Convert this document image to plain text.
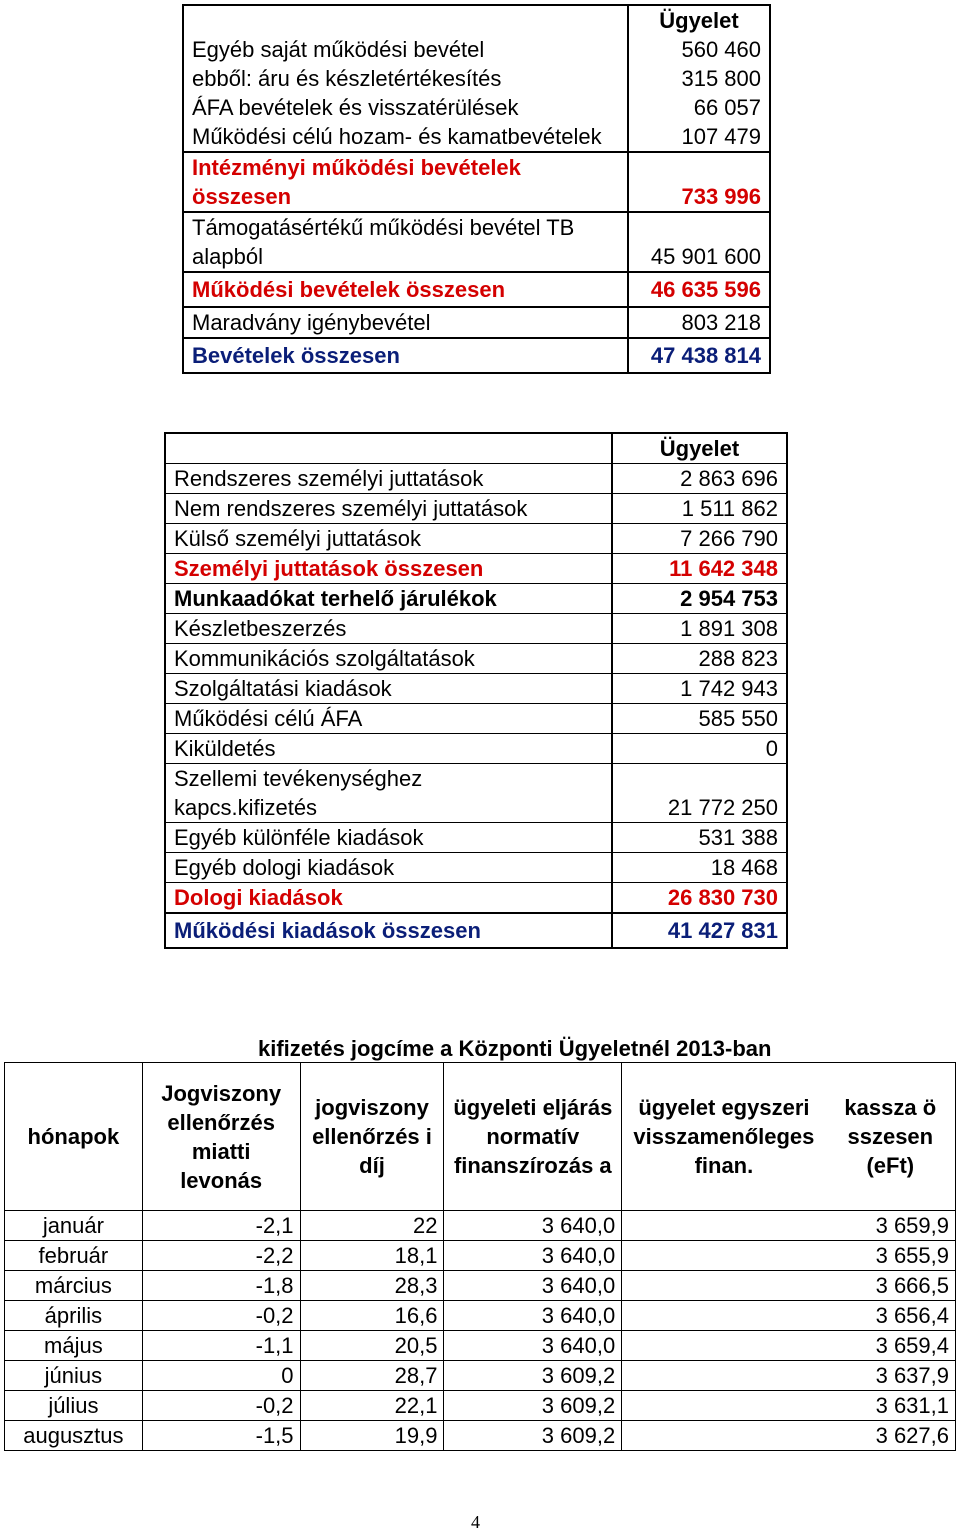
	Ügyelet
Egyéb saját működési bevétel	560 460
ebből: áru és készletértékesítés	315 800
ÁFA bevételek és visszatérülések	66 057
Működési célú hozam- és kamatbevételek	107 479
Intézményi működési bevételek összesen	733 996
Támogatásértékű működési bevétel TB alapból	45 901 600
Működési bevételek összesen	46 635 596
Maradvány igénybevétel	803 218
Bevételek összesen	47 438 814
	Ügyelet
Rendszeres személyi juttatások	2 863 696
Nem rendszeres személyi juttatások	1 511 862
Külső személyi juttatások	7 266 790
Személyi juttatások összesen	11 642 348
Munkaadókat terhelő járulékok	2 954 753
Készletbeszerzés	1 891 308
Kommunikációs szolgáltatások	288 823
Szolgáltatási kiadások	1 742 943
Működési célú ÁFA	585 550
Kiküldetés	0

Szellemi tevékenységhez kapcs.kifizetés	21 772 250
Egyéb különféle kiadások	531 388
Egyéb dologi kiadások	18 468
Dologi kiadások	26 830 730
Működési kiadások összesen	41 427 831
kifizetés jogcíme a Központi Ügyeletnél 2013-ban
hónapok	Jogviszony ellenőrzés miatti levonás	jogviszony ellenőrzés i díj	ügyeleti eljárás normatív finanszírozás a	ügyelet egyszeri visszamenőleges finan.	kassza összesen (eFt)

január	-2,1	22	3 640,0		3 659,9
február	-2,2	18,1	3 640,0		3 655,9
március	-1,8	28,3	3 640,0		3 666,5
április	-0,2	16,6	3 640,0		3 656,4
május	-1,1	20,5	3 640,0		3 659,4
június	0	28,7	3 609,2		3 637,9
július	-0,2	22,1	3 609,2		3 631,1
augusztus	-1,5	19,9	3 609,2		3 627,6
4
